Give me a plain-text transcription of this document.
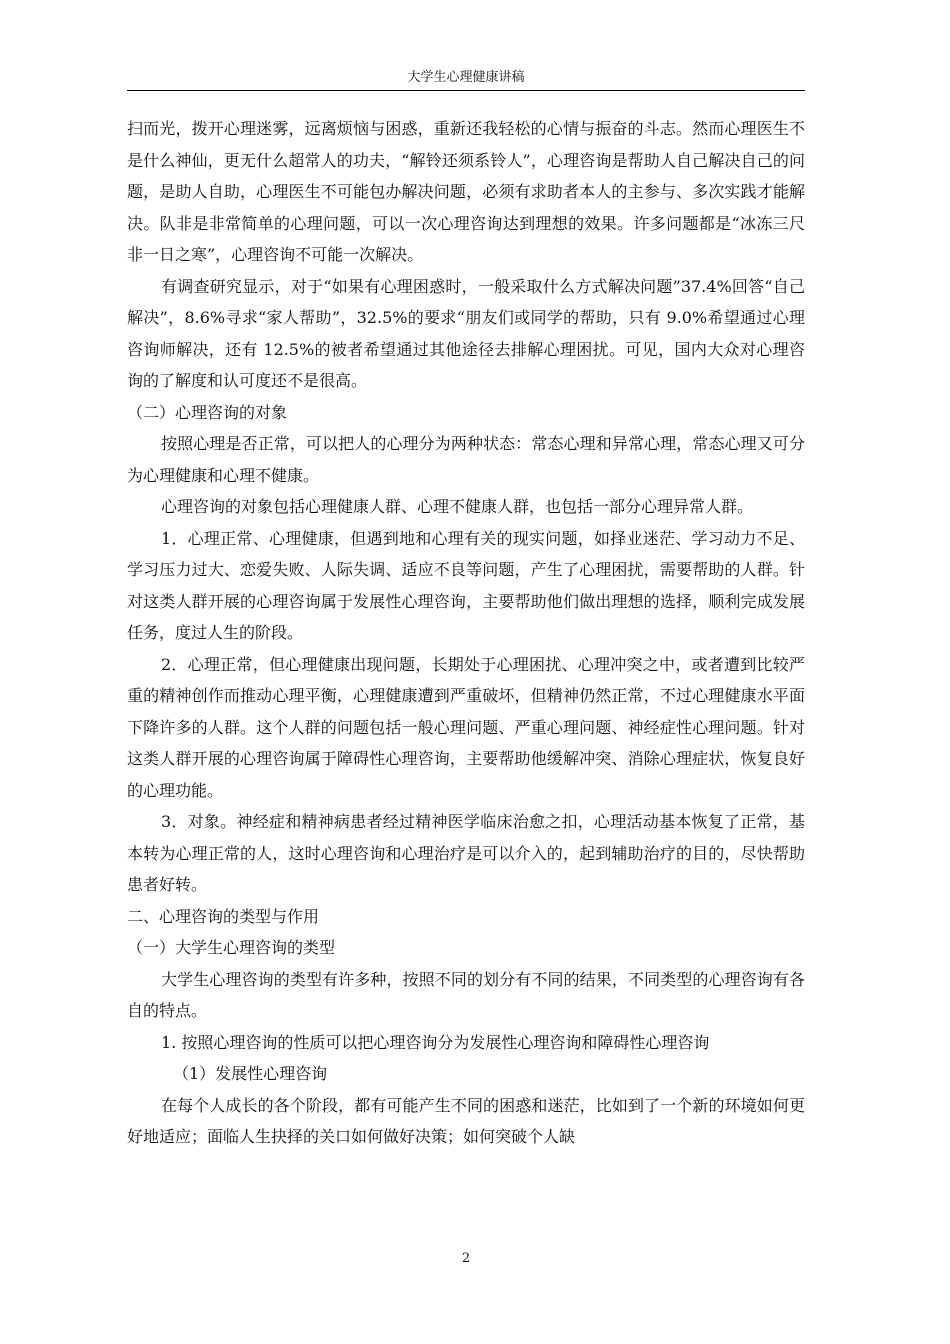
大学生心理健康讲稿

扫而光，拨开心理迷雾，远离烦恼与困惑，重新还我轻松的心情与振奋的斗志。然而心理医生不是什么神仙，更无什么超常人的功夫，“解铃还须系铃人”，心理咨询是帮助人自己解决自己的问题，是助人自助，心理医生不可能包办解决问题，必须有求助者本人的主参与、多次实践才能解决。队非是非常简单的心理问题，可以一次心理咨询达到理想的效果。许多问题都是“冰冻三尺非一日之寒”，心理咨询不可能一次解决。

有调查研究显示，对于“如果有心理困惑时，一般采取什么方式解决问题”37.4%回答“自己解决”，8.6%寻求“家人帮助”，32.5%的要求“朋友们或同学的帮助，只有 9.0%希望通过心理咨询师解决，还有 12.5%的被者希望通过其他途径去排解心理困扰。可见，国内大众对心理咨询的了解度和认可度还不是很高。

（二）心理咨询的对象

按照心理是否正常，可以把人的心理分为两种状态：常态心理和异常心理，常态心理又可分为心理健康和心理不健康。

心理咨询的对象包括心理健康人群、心理不健康人群，也包括一部分心理异常人群。

1．心理正常、心理健康，但遇到地和心理有关的现实问题，如择业迷茫、学习动力不足、学习压力过大、恋爱失败、人际失调、适应不良等问题，产生了心理困扰，需要帮助的人群。针对这类人群开展的心理咨询属于发展性心理咨询，主要帮助他们做出理想的选择，顺利完成发展任务，度过人生的阶段。

2．心理正常，但心理健康出现问题，长期处于心理困扰、心理冲突之中，或者遭到比较严重的精神创作而推动心理平衡，心理健康遭到严重破坏，但精神仍然正常，不过心理健康水平面下降许多的人群。这个人群的问题包括一般心理问题、严重心理问题、神经症性心理问题。针对这类人群开展的心理咨询属于障碍性心理咨询，主要帮助他缓解冲突、消除心理症状，恢复良好的心理功能。

3．对象。神经症和精神病患者经过精神医学临床治愈之扣，心理活动基本恢复了正常，基本转为心理正常的人，这时心理咨询和心理治疗是可以介入的，起到辅助治疗的目的，尽快帮助患者好转。

二、心理咨询的类型与作用

（一）大学生心理咨询的类型

大学生心理咨询的类型有许多种，按照不同的划分有不同的结果，不同类型的心理咨询有各自的特点。

1. 按照心理咨询的性质可以把心理咨询分为发展性心理咨询和障碍性心理咨询

（1）发展性心理咨询

在每个人成长的各个阶段，都有可能产生不同的困惑和迷茫，比如到了一个新的环境如何更好地适应；面临人生抉择的关口如何做好决策；如何突破个人缺

2
